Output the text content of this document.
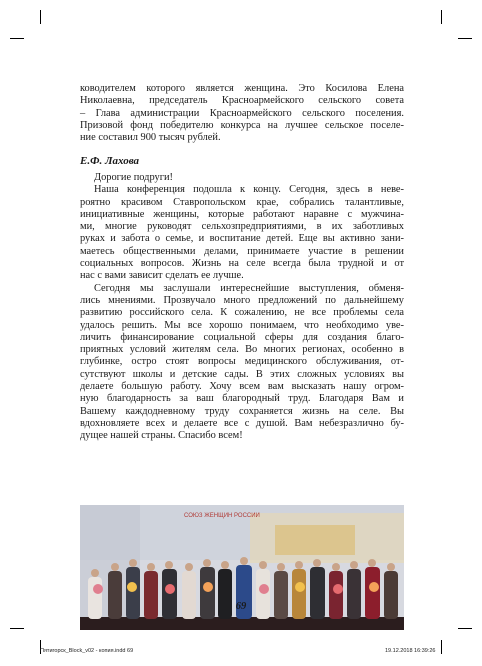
ководителем которого является женщина. Это Косилова Елена
Николаевна, председатель Красноармейского сельского совета
– Глава администрации Красноармейского сельского поселения.
Призовой фонд победителю конкурса на лучшее сельское поселе-
ние составил 900 тысяч рублей.
Е.Ф. Лахова
Дорогие подруги!
Наша конференция подошла к концу. Сегодня, здесь в неве-
роятно красивом Ставропольском крае, собрались талантливые,
инициативные женщины, которые работают наравне с мужчина-
ми, многие руководят сельхозпредприятиями, в их заботливых
руках и забота о семье, и воспитание детей. Еще вы активно зани-
маетесь общественными делами, принимаете участие в решении
социальных вопросов. Жизнь на селе всегда была трудной и от
нас с вами зависит сделать ее лучше.
Сегодня мы заслушали интереснейшие выступления, обменя-
лись мнениями. Прозвучало много предложений по дальнейшему
развитию российского села. К сожалению, не все проблемы села
удалось решить. Мы все хорошо понимаем, что необходимо уве-
личить финансирование социальной сферы для создания благо-
приятных условий жителям села. Во многих регионах, особенно в
глубинке, остро стоят вопросы медицинского обслуживания, от-
сутствуют школы и детские сады. В этих сложных условиях вы
делаете большую работу. Хочу всем вам высказать нашу огром-
ную благодарность за ваш благородный труд. Благодаря Вам и
Вашему каждодневному труду сохраняется жизнь на селе. Вы
вдохновляете всех и делаете все с душой. Вам небезразлично бу-
дущее нашей страны. Спасибо всем!
СОЮЗ ЖЕНЩИН РОССИИ
69
Пятигорск_Block_v02 - копия.indd 69	19.12.2018 16:39:26
